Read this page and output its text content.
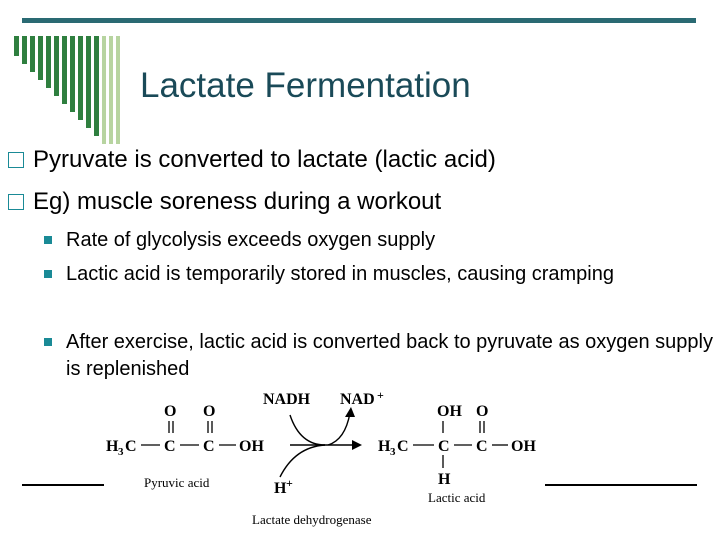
Lactate Fermentation
Pyruvate is converted to lactate (lactic acid)
Eg) muscle soreness during a workout
Rate of glycolysis exceeds oxygen supply
Lactic acid is temporarily stored in muscles, causing cramping
After exercise, lactic acid is converted back to pyruvate as oxygen supply is replenished
O O
H 3 C C C OH
Pyruvic acid
NADH NAD +
H +
OH O
H 3 C C C OH
H
Lactic acid
Lactate dehydrogenase
